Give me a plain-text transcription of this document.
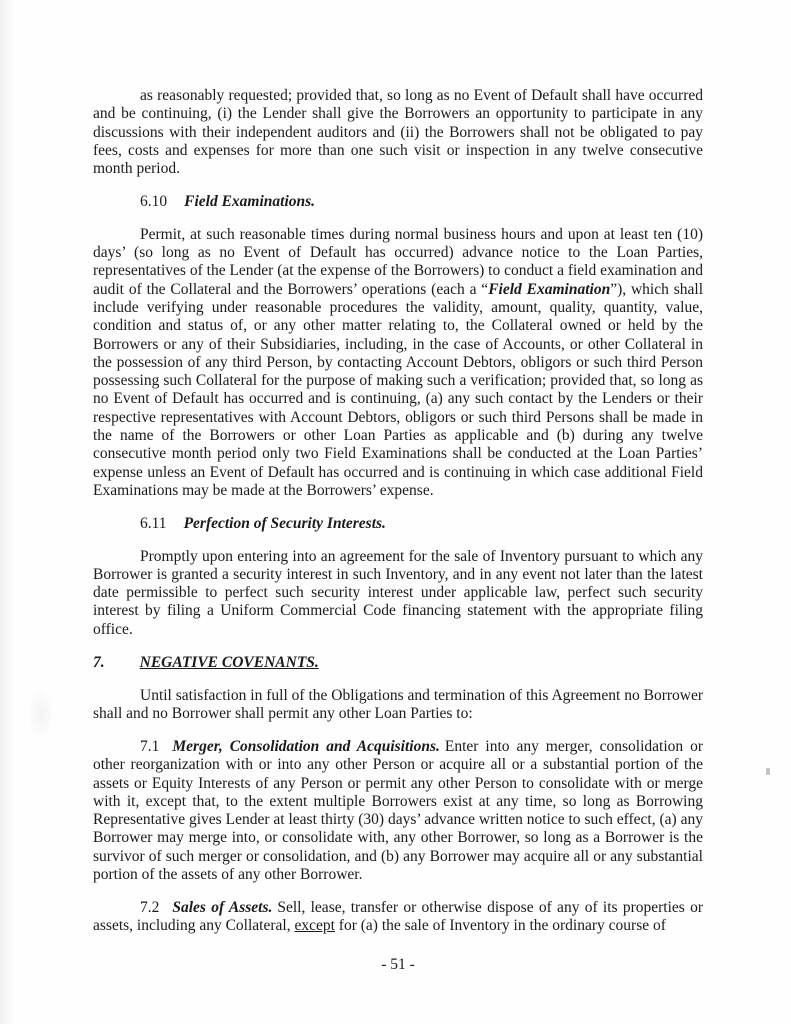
as reasonably requested; provided that, so long as no Event of Default shall have occurred and be continuing, (i) the Lender shall give the Borrowers an opportunity to participate in any discussions with their independent auditors and (ii) the Borrowers shall not be obligated to pay fees, costs and expenses for more than one such visit or inspection in any twelve consecutive month period.

6.10 Field Examinations.

Permit, at such reasonable times during normal business hours and upon at least ten (10) days’ (so long as no Event of Default has occurred) advance notice to the Loan Parties, representatives of the Lender (at the expense of the Borrowers) to conduct a field examination and audit of the Collateral and the Borrowers’ operations (each a “Field Examination”), which shall include verifying under reasonable procedures the validity, amount, quality, quantity, value, condition and status of, or any other matter relating to, the Collateral owned or held by the Borrowers or any of their Subsidiaries, including, in the case of Accounts, or other Collateral in the possession of any third Person, by contacting Account Debtors, obligors or such third Person possessing such Collateral for the purpose of making such a verification; provided that, so long as no Event of Default has occurred and is continuing, (a) any such contact by the Lenders or their respective representatives with Account Debtors, obligors or such third Persons shall be made in the name of the Borrowers or other Loan Parties as applicable and (b) during any twelve consecutive month period only two Field Examinations shall be conducted at the Loan Parties’ expense unless an Event of Default has occurred and is continuing in which case additional Field Examinations may be made at the Borrowers’ expense.

6.11 Perfection of Security Interests.

Promptly upon entering into an agreement for the sale of Inventory pursuant to which any Borrower is granted a security interest in such Inventory, and in any event not later than the latest date permissible to perfect such security interest under applicable law, perfect such security interest by filing a Uniform Commercial Code financing statement with the appropriate filing office.

7. NEGATIVE COVENANTS.

Until satisfaction in full of the Obligations and termination of this Agreement no Borrower shall and no Borrower shall permit any other Loan Parties to:

7.1 Merger, Consolidation and Acquisitions. Enter into any merger, consolidation or other reorganization with or into any other Person or acquire all or a substantial portion of the assets or Equity Interests of any Person or permit any other Person to consolidate with or merge with it, except that, to the extent multiple Borrowers exist at any time, so long as Borrowing Representative gives Lender at least thirty (30) days’ advance written notice to such effect, (a) any Borrower may merge into, or consolidate with, any other Borrower, so long as a Borrower is the survivor of such merger or consolidation, and (b) any Borrower may acquire all or any substantial portion of the assets of any other Borrower.

7.2 Sales of Assets. Sell, lease, transfer or otherwise dispose of any of its properties or assets, including any Collateral, except for (a) the sale of Inventory in the ordinary course of

- 51 -
